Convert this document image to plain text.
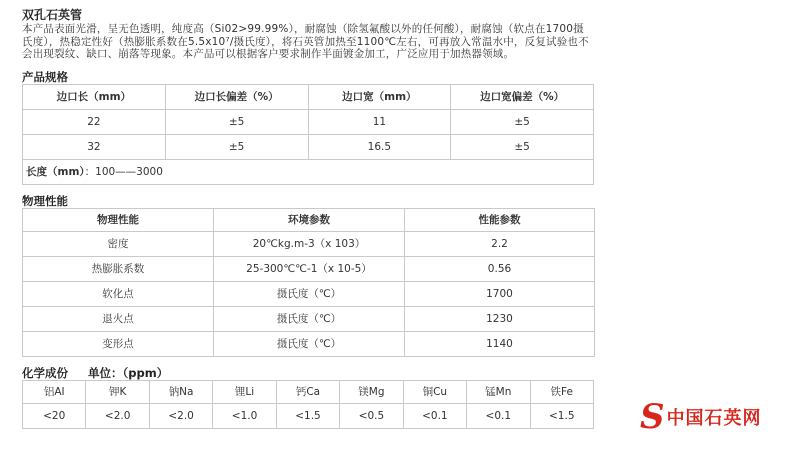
双孔石英管
本产品表面光滑，呈无色透明，纯度高（Si02>99.99%），耐腐蚀（除氢氟酸以外的任何酸），耐腐蚀（软点在1700摄氏度），热稳定性好（热膨胀系数在5.5x10⁷/摄氏度），将石英管加热至1100℃左右，可再放入常温水中，反复试验也不会出现裂纹、缺口、崩落等现象。本产品可以根据客户要求制作半面镀金加工，广泛应用于加热器领域。
产品规格
边口长（mm）	边口长偏差（%）	边口宽（mm）	边口宽偏差（%）
22	±5	11	±5
32	±5	16.5	±5
长度（mm）：100——3000			
物理性能
物理性能	环境参数	性能参数
密度	20℃kg.m-3（x 103）	2.2
热膨胀系数	25-300℃℃-1（x 10-5）	0.56
软化点	摄氏度（℃）	1700
退火点	摄氏度（℃）	1230
变形点	摄氏度（℃）	1140
化学成份 单位：（ppm）
铝AI	钾K	钠Na	锂Li	钙Ca	镁Mg	铜Cu	锰Mn	铁Fe
<20	<2.0	<2.0	<1.0	<1.5	<0.5	<0.1	<0.1	<1.5 S 中国石英网
